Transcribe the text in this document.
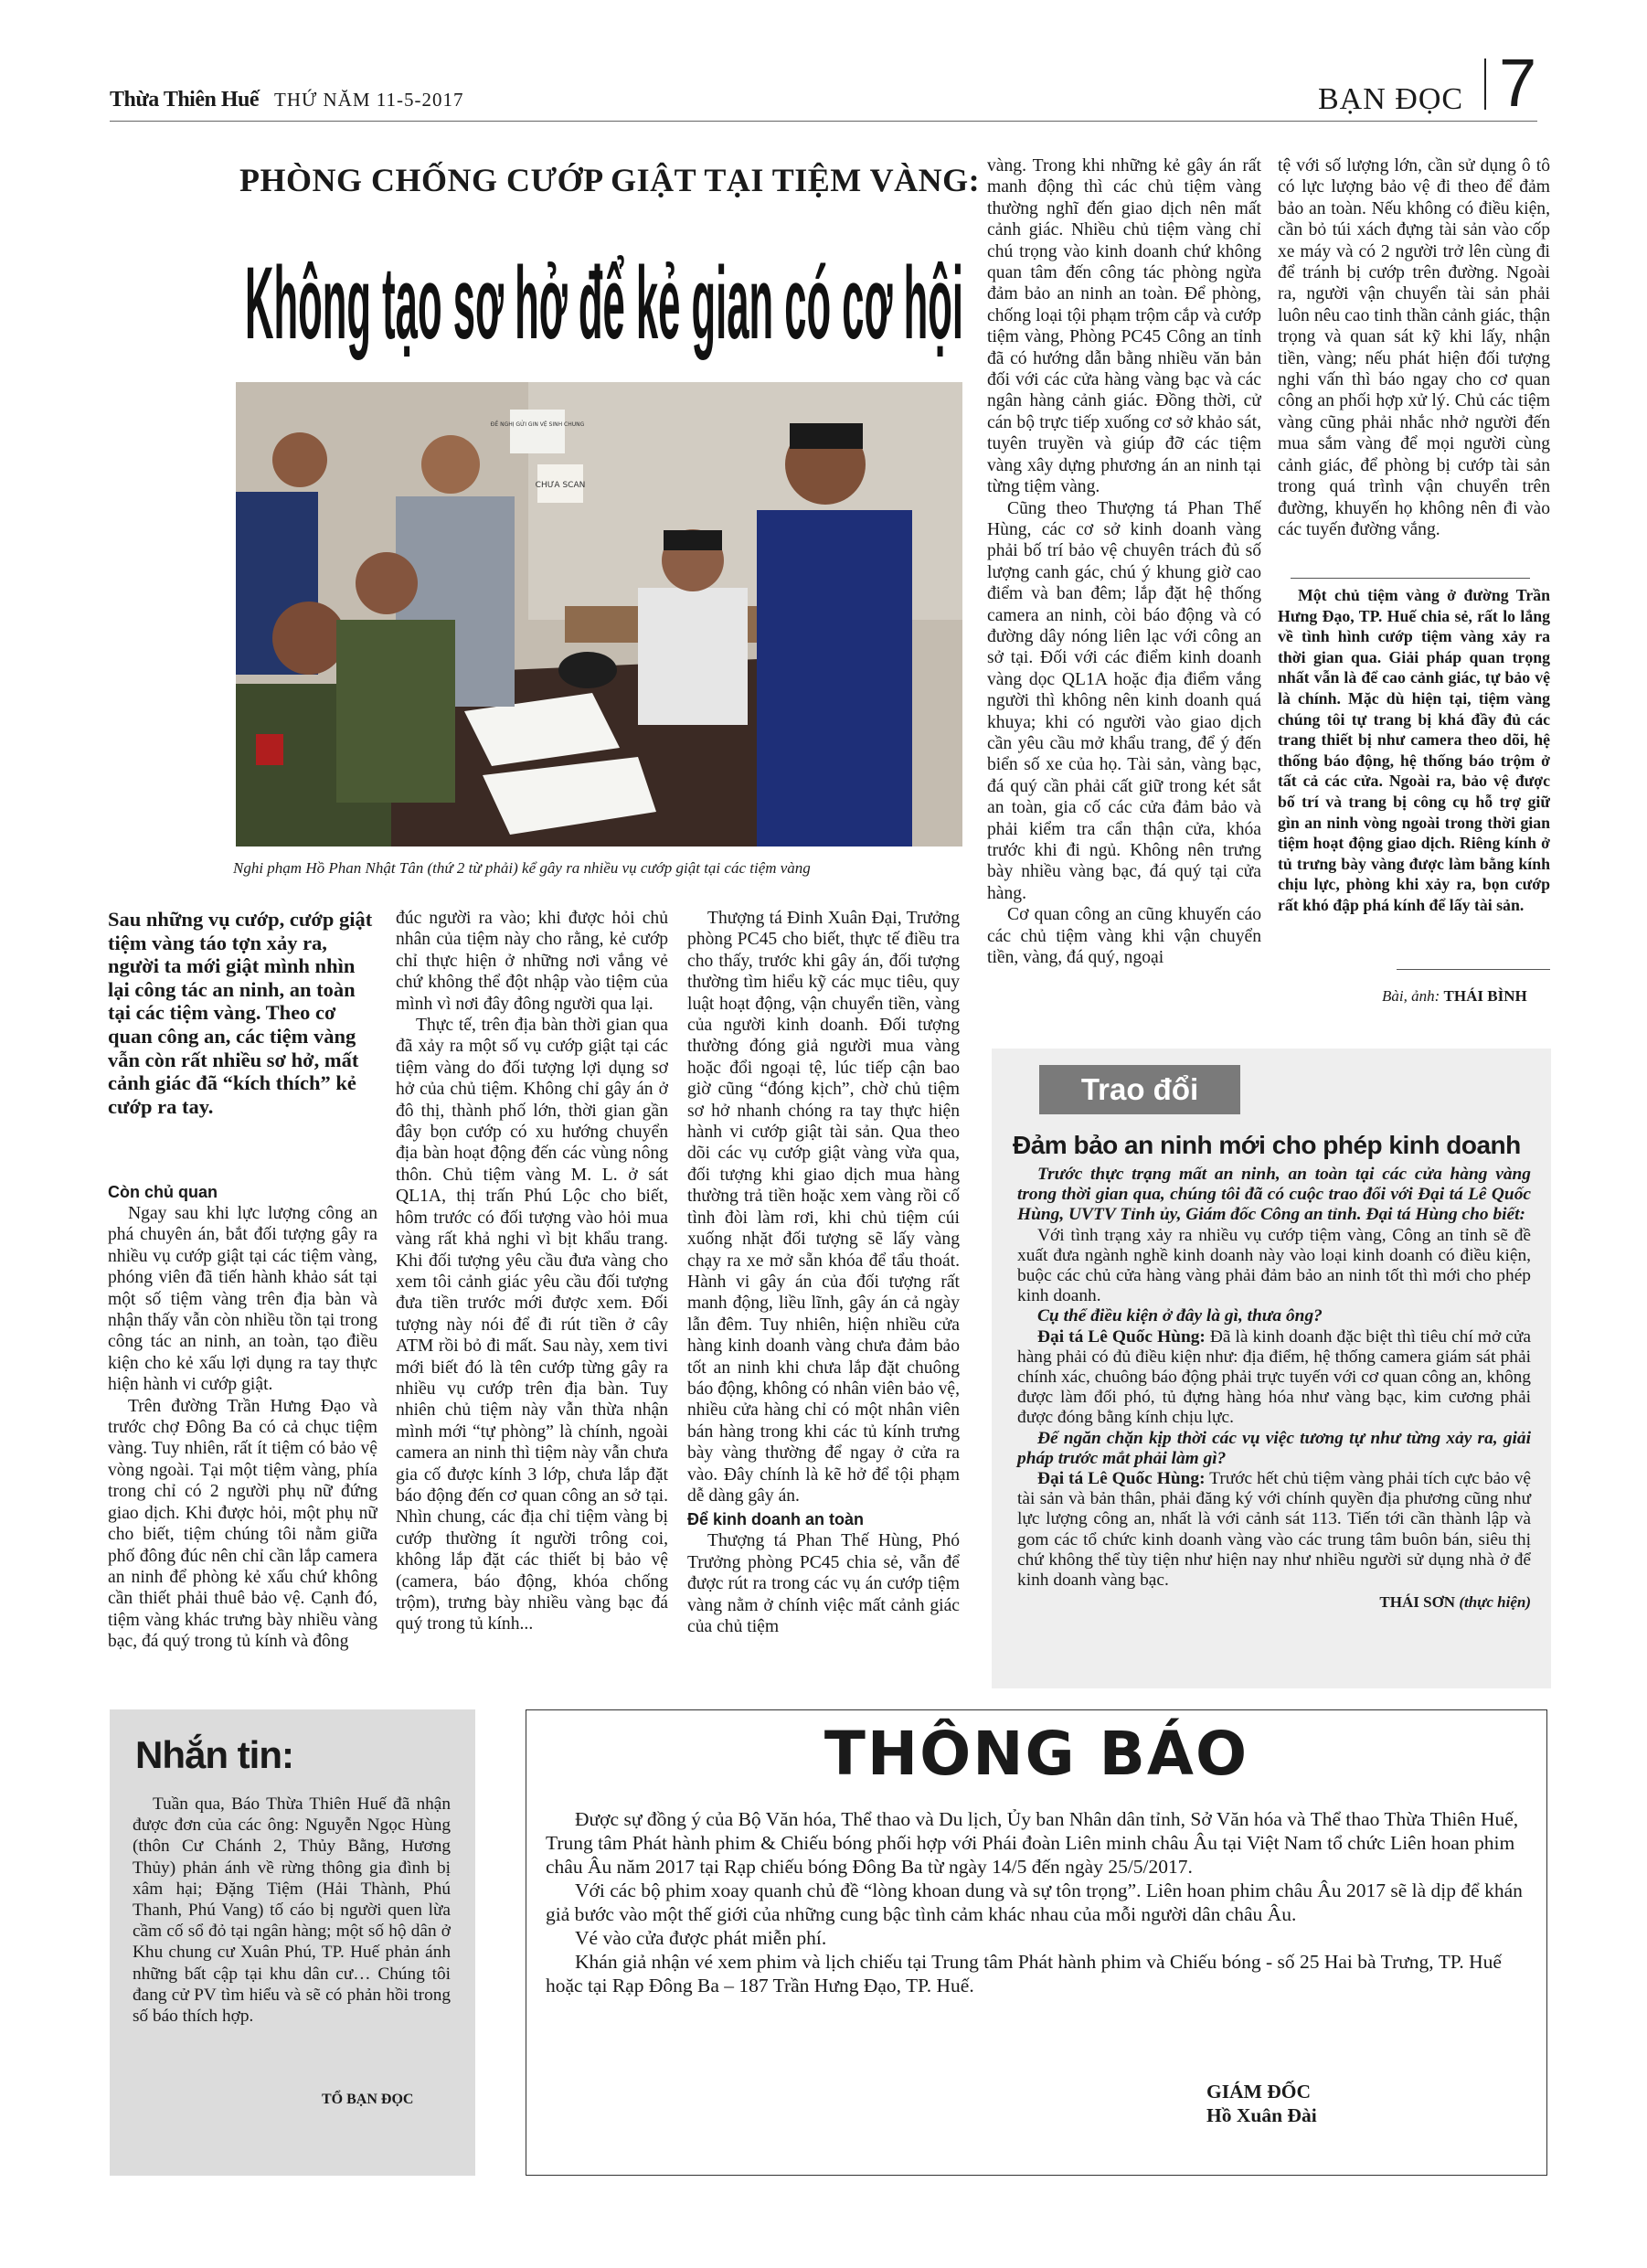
Thừa Thiên Huế THỨ NĂM 11-5-2017	BẠN ĐỌC 7
PHÒNG CHỐNG CƯỚP GIẬT TẠI TIỆM VÀNG:
Không tạo sơ hở để kẻ gian có cơ hội
ĐỀ NGHỊ GỬI GIN VỆ SINH CHUNG
CHƯA SCAN
Nghi phạm Hồ Phan Nhật Tân (thứ 2 từ phải) kể gây ra nhiều vụ cướp giật tại các tiệm vàng
Sau những vụ cướp, cướp giật tiệm vàng táo tợn xảy ra, người ta mới giật mình nhìn lại công tác an ninh, an toàn tại các tiệm vàng. Theo cơ quan công an, các tiệm vàng vẫn còn rất nhiều sơ hở, mất cảnh giác đã “kích thích” kẻ cướp ra tay.
Còn chủ quan

Ngay sau khi lực lượng công an phá chuyên án, bắt đối tượng gây ra nhiều vụ cướp giật tại các tiệm vàng, phóng viên đã tiến hành khảo sát tại một số tiệm vàng trên địa bàn và nhận thấy vẫn còn nhiều tồn tại trong công tác an ninh, an toàn, tạo điều kiện cho kẻ xấu lợi dụng ra tay thực hiện hành vi cướp giật.

Trên đường Trần Hưng Đạo và trước chợ Đông Ba có cả chục tiệm vàng. Tuy nhiên, rất ít tiệm có bảo vệ vòng ngoài. Tại một tiệm vàng, phía trong chỉ có 2 người phụ nữ đứng giao dịch. Khi được hỏi, một phụ nữ cho biết, tiệm chúng tôi nằm giữa phố đông đúc nên chỉ cần lắp camera an ninh để phòng kẻ xấu chứ không cần thiết phải thuê bảo vệ. Cạnh đó, tiệm vàng khác trưng bày nhiều vàng bạc, đá quý trong tủ kính và đông

đúc người ra vào; khi được hỏi chủ nhân của tiệm này cho rằng, kẻ cướp chỉ thực hiện ở những nơi vắng vẻ chứ không thể đột nhập vào tiệm của mình vì nơi đây đông người qua lại.

Thực tế, trên địa bàn thời gian qua đã xảy ra một số vụ cướp giật tại các tiệm vàng do đối tượng lợi dụng sơ hở của chủ tiệm. Không chỉ gây án ở đô thị, thành phố lớn, thời gian gần đây bọn cướp có xu hướng chuyển địa bàn hoạt động đến các vùng nông thôn. Chủ tiệm vàng M. L. ở sát QL1A, thị trấn Phú Lộc cho biết, hôm trước có đối tượng vào hỏi mua vàng rất khả nghi vì bịt khẩu trang. Khi đối tượng yêu cầu đưa vàng cho xem tôi cảnh giác yêu cầu đối tượng đưa tiền trước mới được xem. Đối tượng này nói để đi rút tiền ở cây ATM rồi bỏ đi mất. Sau này, xem tivi mới biết đó là tên cướp từng gây ra nhiều vụ cướp trên địa bàn. Tuy nhiên chủ tiệm này vẫn thừa nhận mình mới “tự phòng” là chính, ngoài camera an ninh thì tiệm này vẫn chưa gia cố được kính 3 lớp, chưa lắp đặt báo động đến cơ quan công an sở tại. Nhìn chung, các địa chỉ tiệm vàng bị cướp thường ít người trông coi, không lắp đặt các thiết bị bảo vệ (camera, báo động, khóa chống trộm), trưng bày nhiều vàng bạc đá quý trong tủ kính...

Thượng tá Đinh Xuân Đại, Trưởng phòng PC45 cho biết, thực tế điều tra cho thấy, trước khi gây án, đối tượng thường tìm hiểu kỹ các mục tiêu, quy luật hoạt động, vận chuyển tiền, vàng của người kinh doanh. Đối tượng thường đóng giả người mua vàng hoặc đổi ngoại tệ, lúc tiếp cận bao giờ cũng “đóng kịch”, chờ chủ tiệm sơ hở nhanh chóng ra tay thực hiện hành vi cướp giật tài sản. Qua theo dõi các vụ cướp giật vàng vừa qua, đối tượng khi giao dịch mua hàng thường trả tiền hoặc xem vàng rồi cố tình đòi làm rơi, khi chủ tiệm cúi xuống nhặt đối tượng sẽ lấy vàng chạy ra xe mở sẵn khóa để tẩu thoát. Hành vi gây án của đối tượng rất manh động, liều lĩnh, gây án cả ngày lẫn đêm. Tuy nhiên, hiện nhiều cửa hàng kinh doanh vàng chưa đảm bảo tốt an ninh khi chưa lắp đặt chuông báo động, không có nhân viên bảo vệ, nhiều cửa hàng chỉ có một nhân viên bán hàng trong khi các tủ kính trưng bày vàng thường để ngay ở cửa ra vào. Đây chính là kẽ hở để tội phạm dễ dàng gây án.

Để kinh doanh an toàn

Thượng tá Phan Thế Hùng, Phó Trưởng phòng PC45 chia sẻ, vẫn để được rút ra trong các vụ án cướp tiệm vàng nằm ở chính việc mất cảnh giác của chủ tiệm

vàng. Trong khi những kẻ gây án rất manh động thì các chủ tiệm vàng thường nghĩ đến giao dịch nên mất cảnh giác. Nhiều chủ tiệm vàng chỉ chú trọng vào kinh doanh chứ không quan tâm đến công tác phòng ngừa đảm bảo an ninh an toàn. Để phòng, chống loại tội phạm trộm cắp và cướp tiệm vàng, Phòng PC45 Công an tỉnh đã có hướng dẫn bằng nhiều văn bản đối với các cửa hàng vàng bạc và các ngân hàng cảnh giác. Đồng thời, cử cán bộ trực tiếp xuống cơ sở khảo sát, tuyên truyền và giúp đỡ các tiệm vàng xây dựng phương án an ninh tại từng tiệm vàng.

Cũng theo Thượng tá Phan Thế Hùng, các cơ sở kinh doanh vàng phải bố trí bảo vệ chuyên trách đủ số lượng canh gác, chú ý khung giờ cao điểm và ban đêm; lắp đặt hệ thống camera an ninh, còi báo động và có đường dây nóng liên lạc với công an sở tại. Đối với các điểm kinh doanh vàng dọc QL1A hoặc địa điểm vắng người thì không nên kinh doanh quá khuya; khi có người vào giao dịch cần yêu cầu mở khẩu trang, để ý đến biển số xe của họ. Tài sản, vàng bạc, đá quý cần phải cất giữ trong két sắt an toàn, gia cố các cửa đảm bảo và phải kiểm tra cẩn thận cửa, khóa trước khi đi ngủ. Không nên trưng bày nhiều vàng bạc, đá quý tại cửa hàng.

Cơ quan công an cũng khuyến cáo các chủ tiệm vàng khi vận chuyển tiền, vàng, đá quý, ngoại

tệ với số lượng lớn, cần sử dụng ô tô có lực lượng bảo vệ đi theo để đảm bảo an toàn. Nếu không có điều kiện, cần bỏ túi xách đựng tài sản vào cốp xe máy và có 2 người trở lên cùng đi để tránh bị cướp trên đường. Ngoài ra, người vận chuyển tài sản phải luôn nêu cao tinh thần cảnh giác, thận trọng và quan sát kỹ khi lấy, nhận tiền, vàng; nếu phát hiện đối tượng nghi vấn thì báo ngay cho cơ quan công an phối hợp xử lý. Chủ các tiệm vàng cũng phải nhắc nhở người đến mua sắm vàng để mọi người cùng cảnh giác, để phòng bị cướp tài sản trong quá trình vận chuyển trên đường, khuyến họ không nên đi vào các tuyến đường vắng.

Một chủ tiệm vàng ở đường Trần Hưng Đạo, TP. Huế chia sẻ, rất lo lắng về tình hình cướp tiệm vàng xảy ra thời gian qua. Giải pháp quan trọng nhất vẫn là để cao cảnh giác, tự bảo vệ là chính. Mặc dù hiện tại, tiệm vàng chúng tôi tự trang bị khá đầy đủ các trang thiết bị như camera theo dõi, hệ thống báo động, hệ thống báo trộm ở tất cả các cửa. Ngoài ra, bảo vệ được bố trí và trang bị công cụ hỗ trợ giữ gìn an ninh vòng ngoài trong thời gian tiệm hoạt động giao dịch. Riêng kính ở tủ trưng bày vàng được làm bằng kính chịu lực, phòng khi xảy ra, bọn cướp rất khó đập phá kính để lấy tài sản.

Bài, ảnh: THÁI BÌNH
Trao đổi
Đảm bảo an ninh mới cho phép kinh doanh

Trước thực trạng mất an ninh, an toàn tại các cửa hàng vàng trong thời gian qua, chúng tôi đã có cuộc trao đổi với Đại tá Lê Quốc Hùng, UVTV Tỉnh ủy, Giám đốc Công an tỉnh. Đại tá Hùng cho biết:

Với tình trạng xảy ra nhiều vụ cướp tiệm vàng, Công an tỉnh sẽ đề xuất đưa ngành nghề kinh doanh này vào loại kinh doanh có điều kiện, buộc các chủ cửa hàng vàng phải đảm bảo an ninh tốt thì mới cho phép kinh doanh.

Cụ thể điều kiện ở đây là gì, thưa ông?

Đại tá Lê Quốc Hùng: Đã là kinh doanh đặc biệt thì tiêu chí mở cửa hàng phải có đủ điều kiện như: địa điểm, hệ thống camera giám sát phải chính xác, chuông báo động phải trực tuyến với cơ quan công an, không được làm đối phó, tủ đựng hàng hóa như vàng bạc, kim cương phải được đóng bằng kính chịu lực.

Để ngăn chặn kịp thời các vụ việc tương tự như từng xảy ra, giải pháp trước mắt phải làm gì?

Đại tá Lê Quốc Hùng: Trước hết chủ tiệm vàng phải tích cực bảo vệ tài sản và bản thân, phải đăng ký với chính quyền địa phương cũng như lực lượng công an, nhất là với cảnh sát 113. Tiến tới cần thành lập và gom các tổ chức kinh doanh vàng vào các trung tâm buôn bán, siêu thị chứ không thể tùy tiện như hiện nay như nhiều người sử dụng nhà ở để kinh doanh vàng bạc.

THÁI SƠN (thực hiện)

Nhắn tin:

Tuần qua, Báo Thừa Thiên Huế đã nhận được đơn của các ông: Nguyễn Ngọc Hùng (thôn Cư Chánh 2, Thủy Bằng, Hương Thủy) phản ánh về rừng thông gia đình bị xâm hại; Đặng Tiệm (Hải Thành, Phú Thanh, Phú Vang) tố cáo bị người quen lừa cầm cố sổ đỏ tại ngân hàng; một số hộ dân ở Khu chung cư Xuân Phú, TP. Huế phản ánh những bất cập tại khu dân cư… Chúng tôi đang cử PV tìm hiểu và sẽ có phản hồi trong số báo thích hợp.

TỔ BẠN ĐỌC
THÔNG BÁO

Được sự đồng ý của Bộ Văn hóa, Thể thao và Du lịch, Ủy ban Nhân dân tỉnh, Sở Văn hóa và Thể thao Thừa Thiên Huế, Trung tâm Phát hành phim & Chiếu bóng phối hợp với Phái đoàn Liên minh châu Âu tại Việt Nam tổ chức Liên hoan phim châu Âu năm 2017 tại Rạp chiếu bóng Đông Ba từ ngày 14/5 đến ngày 25/5/2017.

Với các bộ phim xoay quanh chủ đề “lòng khoan dung và sự tôn trọng”. Liên hoan phim châu Âu 2017 sẽ là dịp để khán giả bước vào một thế giới của những cung bậc tình cảm khác nhau của mỗi người dân châu Âu.

Vé vào cửa được phát miễn phí.

Khán giả nhận vé xem phim và lịch chiếu tại Trung tâm Phát hành phim và Chiếu bóng - số 25 Hai bà Trưng, TP. Huế hoặc tại Rạp Đông Ba – 187 Trần Hưng Đạo, TP. Huế.

GIÁM ĐỐC
Hồ Xuân Đài
